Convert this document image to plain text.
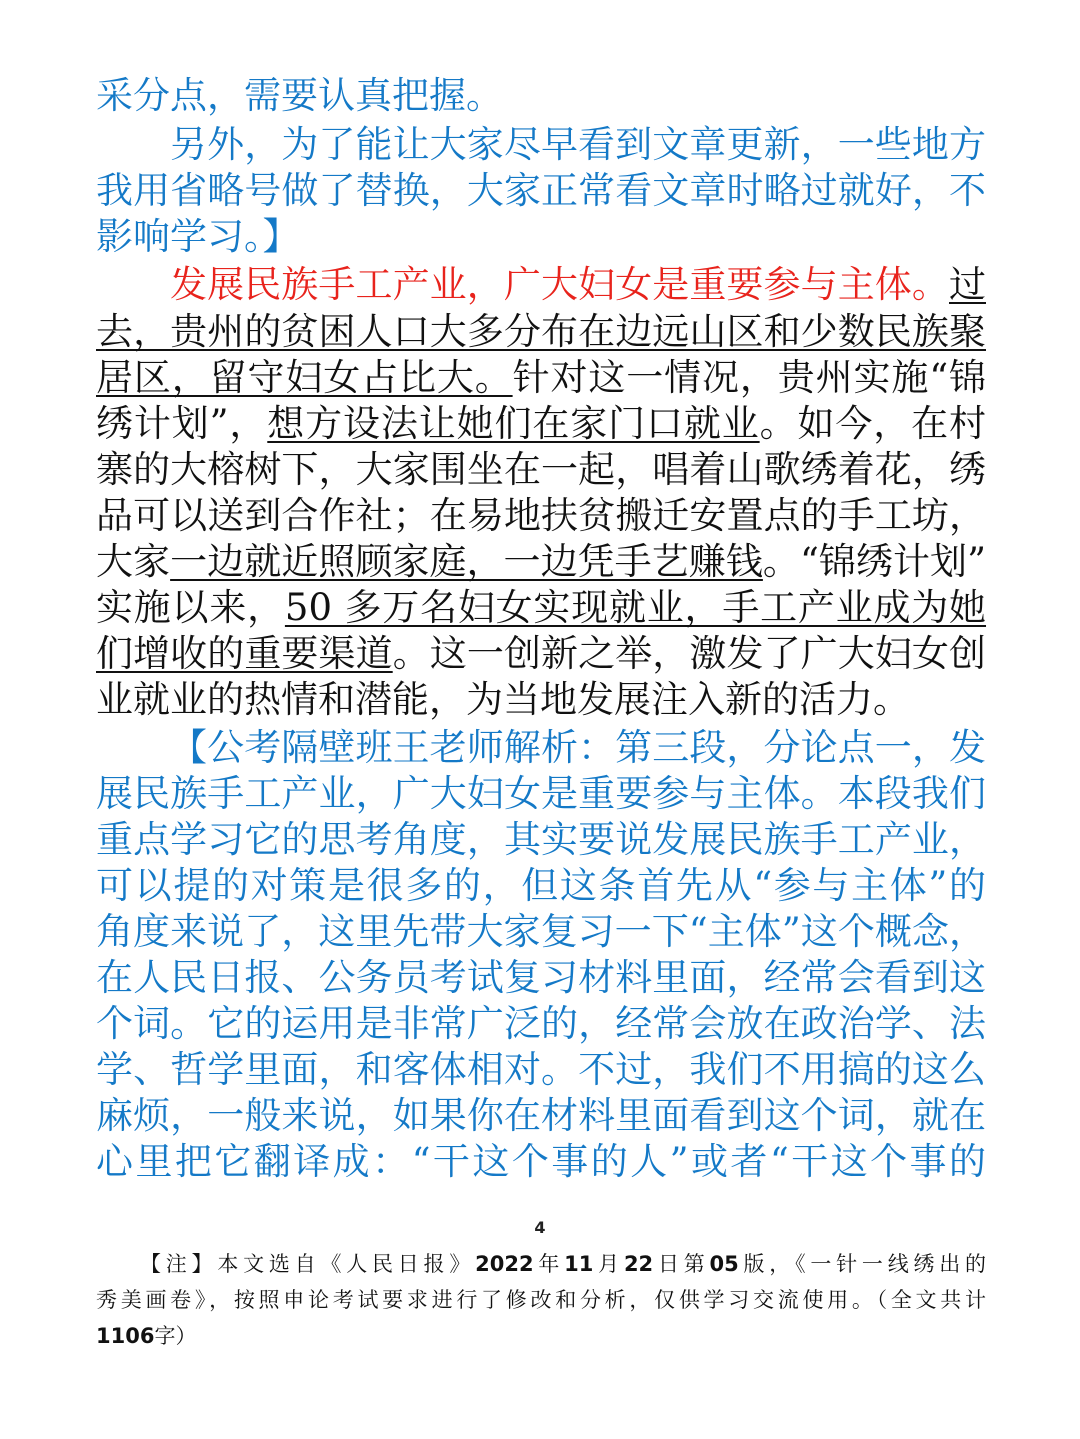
采分点，需要认真把握。
另外，为了能让大家尽早看到文章更新，一些地方
我用省略号做了替换，大家正常看文章时略过就好，不
影响学习。】
发展民族手工产业，广大妇女是重要参与主体。过
去，贵州的贫困人口大多分布在边远山区和少数民族聚
居区，留守妇女占比大。针对这一情况，贵州实施“锦
绣计划”，想方设法让她们在家门口就业。如今，在村
寨的大榕树下，大家围坐在一起，唱着山歌绣着花，绣
品可以送到合作社；在易地扶贫搬迁安置点的手工坊，
大家一边就近照顾家庭，一边凭手艺赚钱。“锦绣计划”
实施以来，50 多万名妇女实现就业，手工产业成为她
们增收的重要渠道。这一创新之举，激发了广大妇女创
业就业的热情和潜能，为当地发展注入新的活力。
【公考隔壁班王老师解析：第三段，分论点一，发
展民族手工产业，广大妇女是重要参与主体。本段我们
重点学习它的思考角度，其实要说发展民族手工产业，
可以提的对策是很多的，但这条首先从“参与主体”的
角度来说了，这里先带大家复习一下“主体”这个概念，
在人民日报、公务员考试复习材料里面，经常会看到这
个词。它的运用是非常广泛的，经常会放在政治学、法
学、哲学里面，和客体相对。不过，我们不用搞的这么
麻烦，一般来说，如果你在材料里面看到这个词，就在
心里把它翻译成：“干这个事的人”或者“干这个事的
4
【注】本文选自《人民日报》2022年11月22日第05版，《一针一线绣出的
秀美画卷》，按照申论考试要求进行了修改和分析，仅供学习交流使用。（全文共计
1106字）
